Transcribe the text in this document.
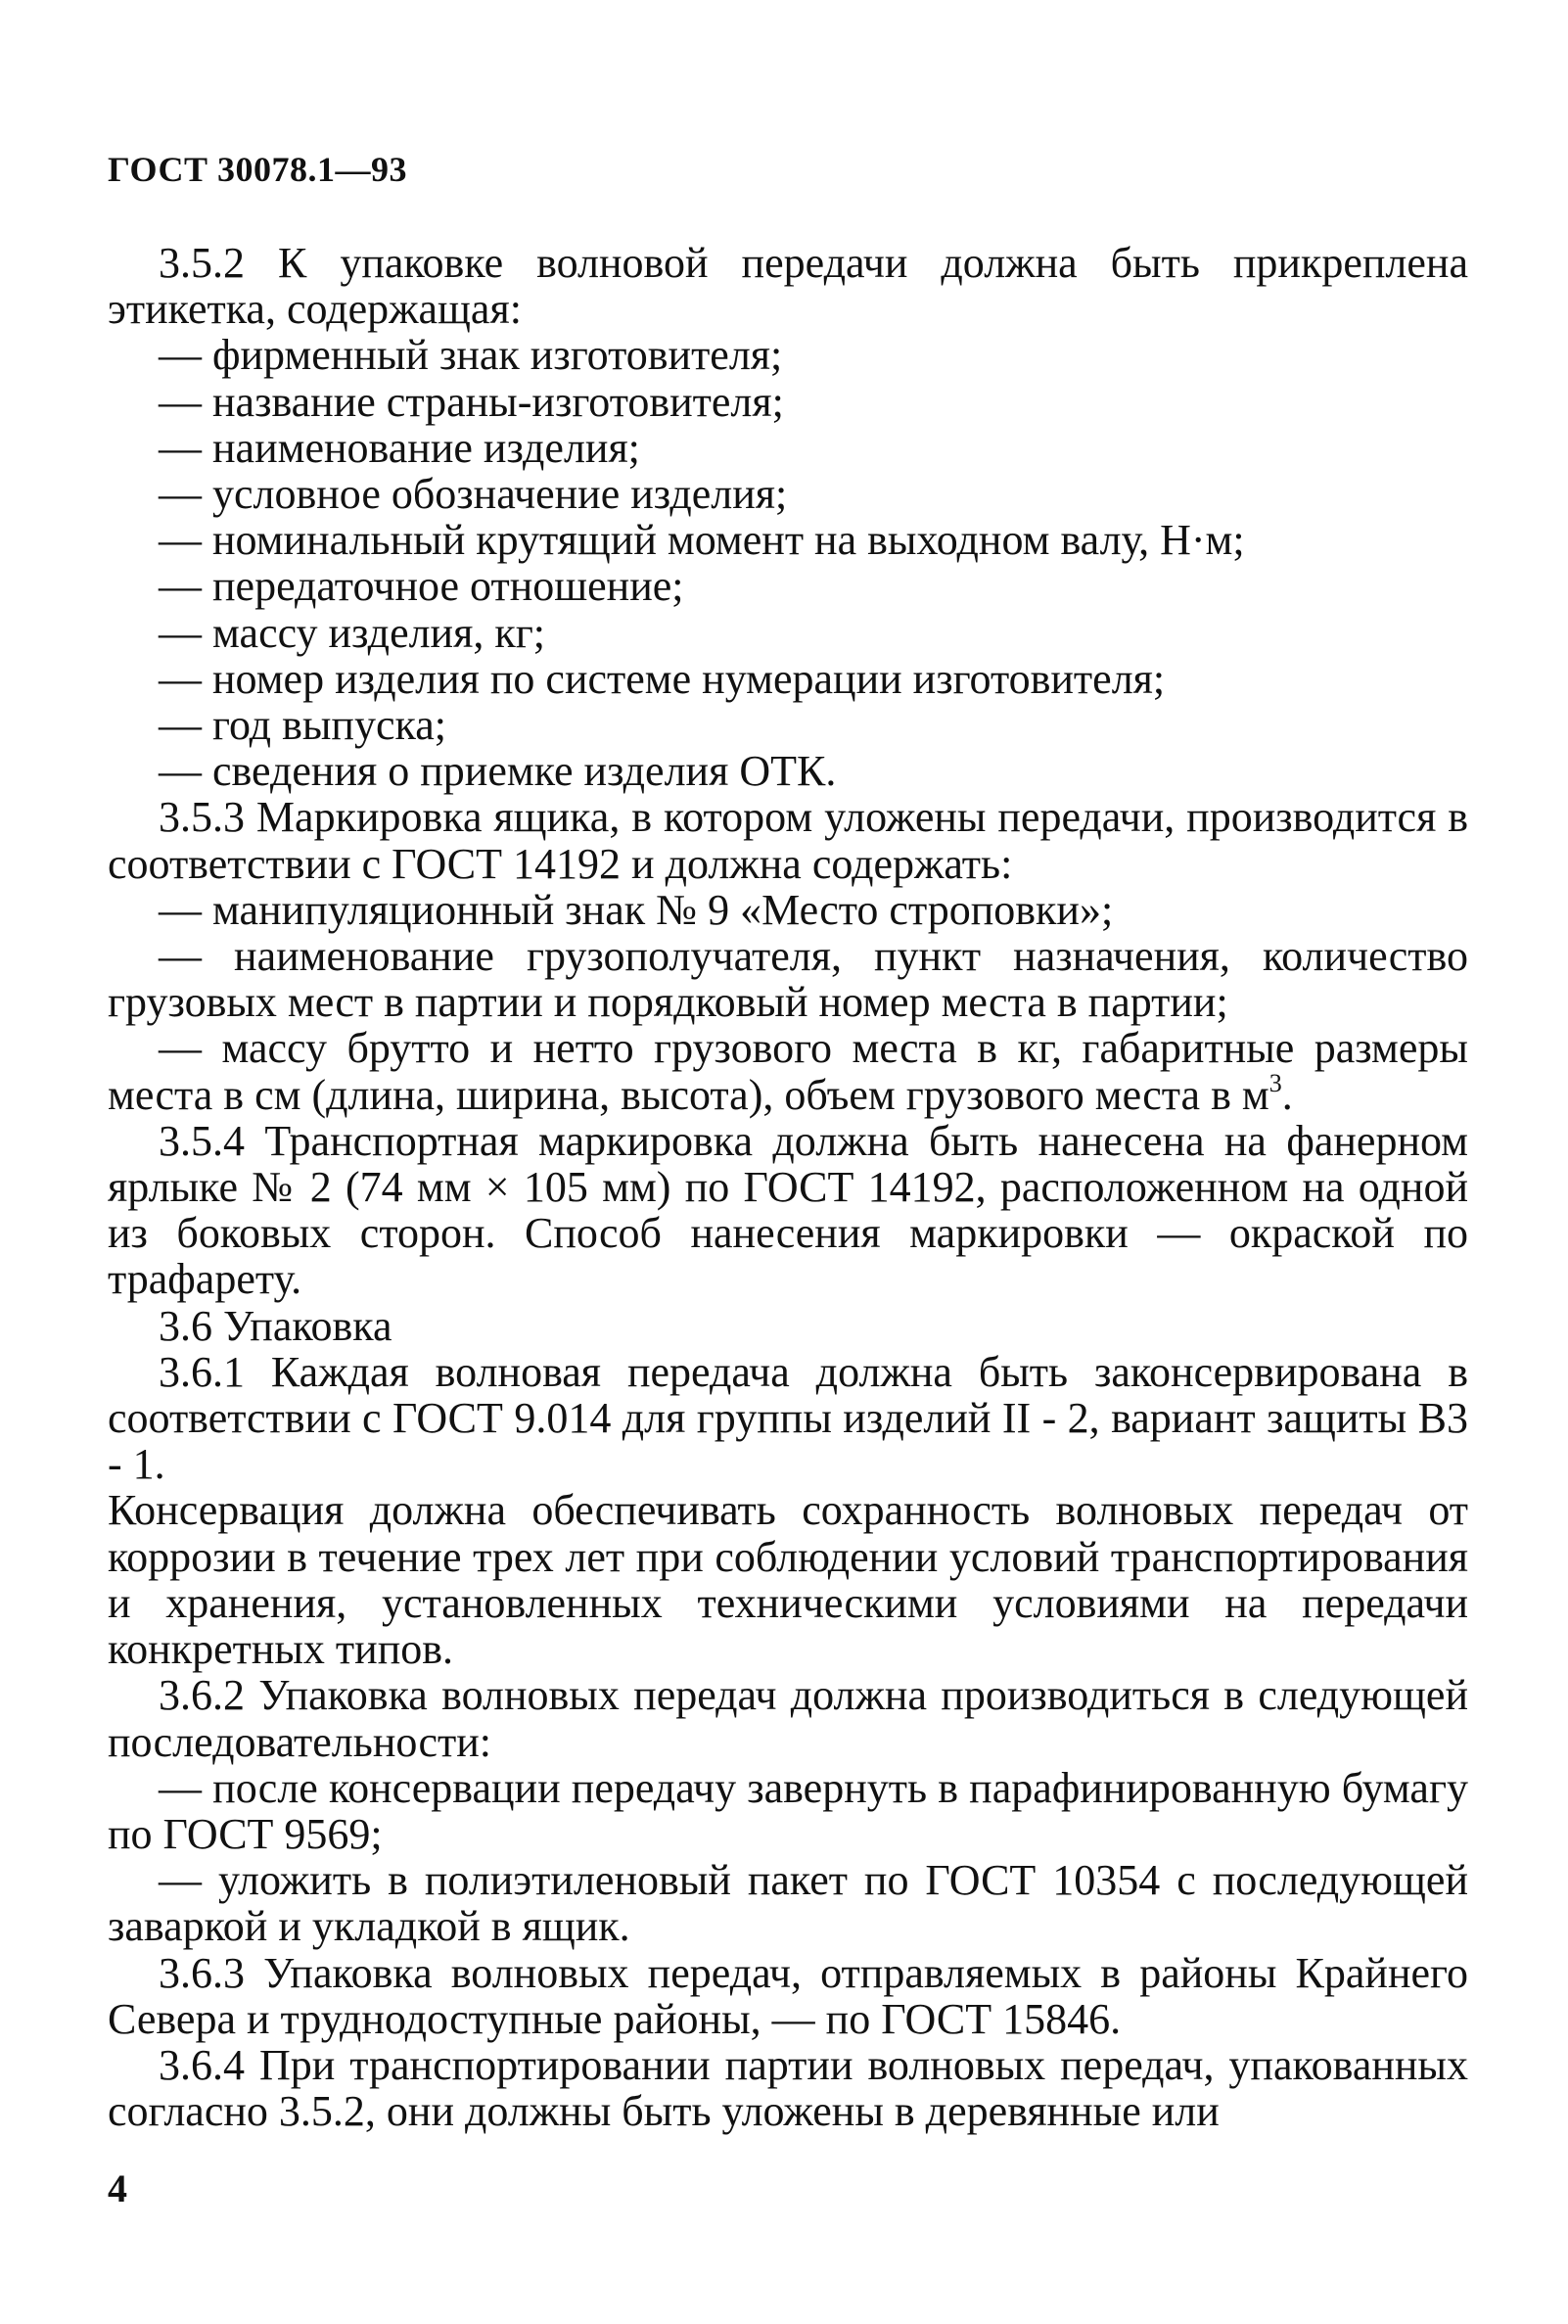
ГОСТ 30078.1—93

3.5.2 К упаковке волновой передачи должна быть прикреплена этикетка, содержащая:

— фирменный знак изготовителя;

— название страны-изготовителя;

— наименование изделия;

— условное обозначение изделия;

— номинальный крутящий момент на выходном валу, Н·м;

— передаточное отношение;

— массу изделия, кг;

— номер изделия по системе нумерации изготовителя;

— год выпуска;

— сведения о приемке изделия ОТК.

3.5.3 Маркировка ящика, в котором уложены передачи, производится в соответствии с ГОСТ 14192 и должна содержать:

— манипуляционный знак № 9 «Место строповки»;

— наименование грузополучателя, пункт назначения, количество грузовых мест в партии и порядковый номер места в партии;

— массу брутто и нетто грузового места в кг, габаритные размеры места в см (длина, ширина, высота), объем грузового места в $м^3$.

3.5.4 Транспортная маркировка должна быть нанесена на фанерном ярлыке № 2 (74 мм × 105 мм) по ГОСТ 14192, расположенном на одной из боковых сторон. Способ нанесения маркировки — окраской по трафарету.

3.6 Упаковка

3.6.1 Каждая волновая передача должна быть законсервирована в соответствии с ГОСТ 9.014 для группы изделий II - 2, вариант защиты В3 - 1.

Консервация должна обеспечивать сохранность волновых передач от коррозии в течение трех лет при соблюдении условий транспортирования и хранения, установленных техническими условиями на передачи конкретных типов.

3.6.2 Упаковка волновых передач должна производиться в следующей последовательности:

— после консервации передачу завернуть в парафинированную бумагу по ГОСТ 9569;

— уложить в полиэтиленовый пакет по ГОСТ 10354 с последующей заваркой и укладкой в ящик.

3.6.3 Упаковка волновых передач, отправляемых в районы Крайнего Севера и труднодоступные районы, — по ГОСТ 15846.

3.6.4 При транспортировании партии волновых передач, упакованных согласно 3.5.2, они должны быть уложены в деревянные или

4
